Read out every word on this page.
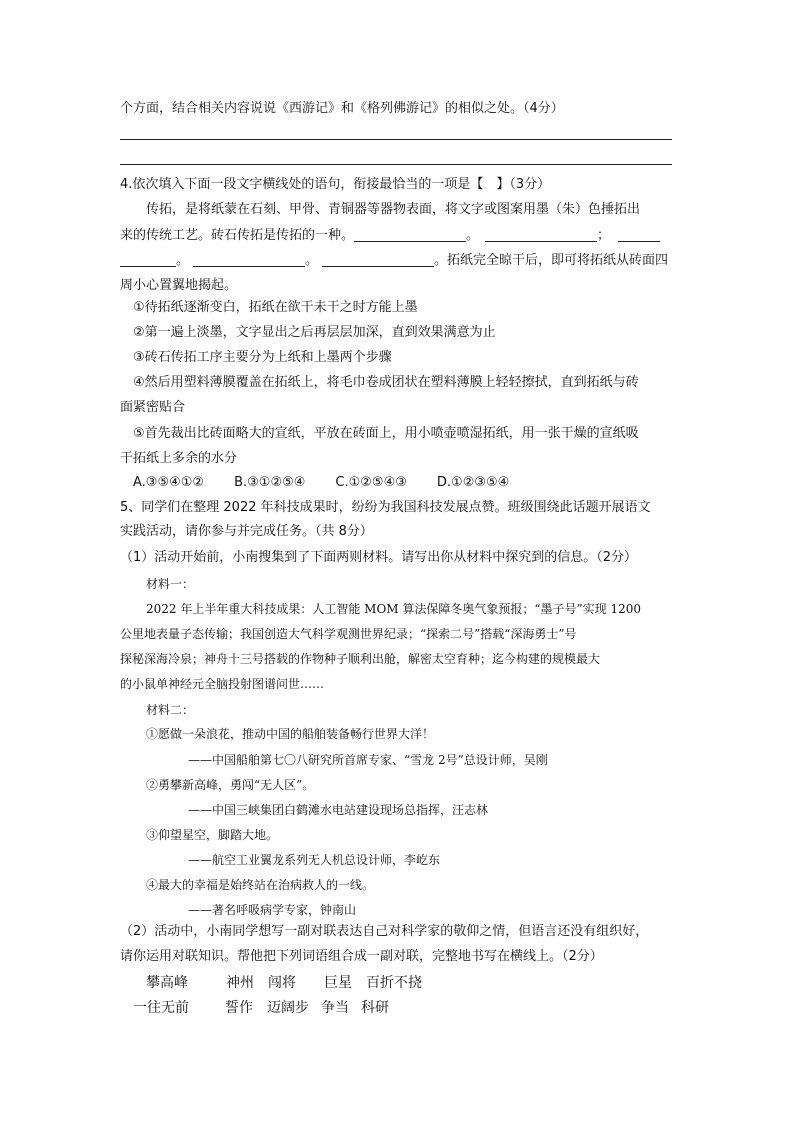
个方面，结合相关内容说说《西游记》和《格列佛游记》的相似之处。（4分）
4.依次填入下面一段文字横线处的语句，衔接最恰当的一项是【　】（3分）
传拓，是将纸蒙在石刻、甲骨、青铜器等器物表面，将文字或图案用墨（朱）色捶拓出
来的传统工艺。砖石传拓是传拓的一种。	。	；
。	。	。拓纸完全晾干后，即可将拓纸从砖面四
周小心置翼地揭起。
①待拓纸逐渐变白，拓纸在欲干未干之时方能上墨
②第一遍上淡墨，文字显出之后再层层加深，直到效果满意为止
③砖石传拓工序主要分为上纸和上墨两个步骤
④然后用塑料薄膜覆盖在拓纸上，将毛巾卷成团状在塑料薄膜上轻轻擦拭，直到拓纸与砖
面紧密贴合
⑤首先裁出比砖面略大的宣纸，平放在砖面上，用小喷壶喷湿拓纸，用一张干燥的宣纸吸
干拓纸上多余的水分
A.③⑤④①② B.③①②⑤④ C.①②⑤④③ D.①②③⑤④
5、同学们在整理 2022 年科技成果时，纷纷为我国科技发展点赞。班级围绕此话题开展语文
实践活动，请你参与并完成任务。（共 8分）
（1）活动开始前，小南搜集到了下面两则材料。请写出你从材料中探究到的信息。（2分）
材料一：
2022 年上半年重大科技成果：人工智能 MOM 算法保障冬奥气象预报；“墨子号”实现 1200
公里地表量子态传输；我国创造大气科学观测世界纪录；“探索二号”搭载“深海勇士”号
探秘深海冷泉；神舟十三号搭载的作物种子顺利出舱，解密太空育种；迄今构建的规模最大
的小鼠单神经元全脑投射图谱问世……
材料二：
①愿做一朵浪花，推动中国的船舶装备畅行世界大洋！
——中国船舶第七〇八研究所首席专家、“雪龙 2号”总设计师，吴刚
②勇攀新高峰，勇闯“无人区”。
——中国三峡集团白鹤滩水电站建设现场总指挥，汪志林
③仰望星空，脚踏大地。
——航空工业翼龙系列无人机总设计师，李屹东
④最大的幸福是始终站在治病救人的一线。
——著名呼吸病学专家，钟南山
（2）活动中，小南同学想写一副对联表达自己对科学家的敬仰之情，但语言还没有组织好，
请你运用对联知识。帮他把下列词语组合成一副对联，完整地书写在横线上。（2分）
攀高峰	神州 闯将 巨星 百折不挠
一往无前	誓作 迈阔步 争当 科研
